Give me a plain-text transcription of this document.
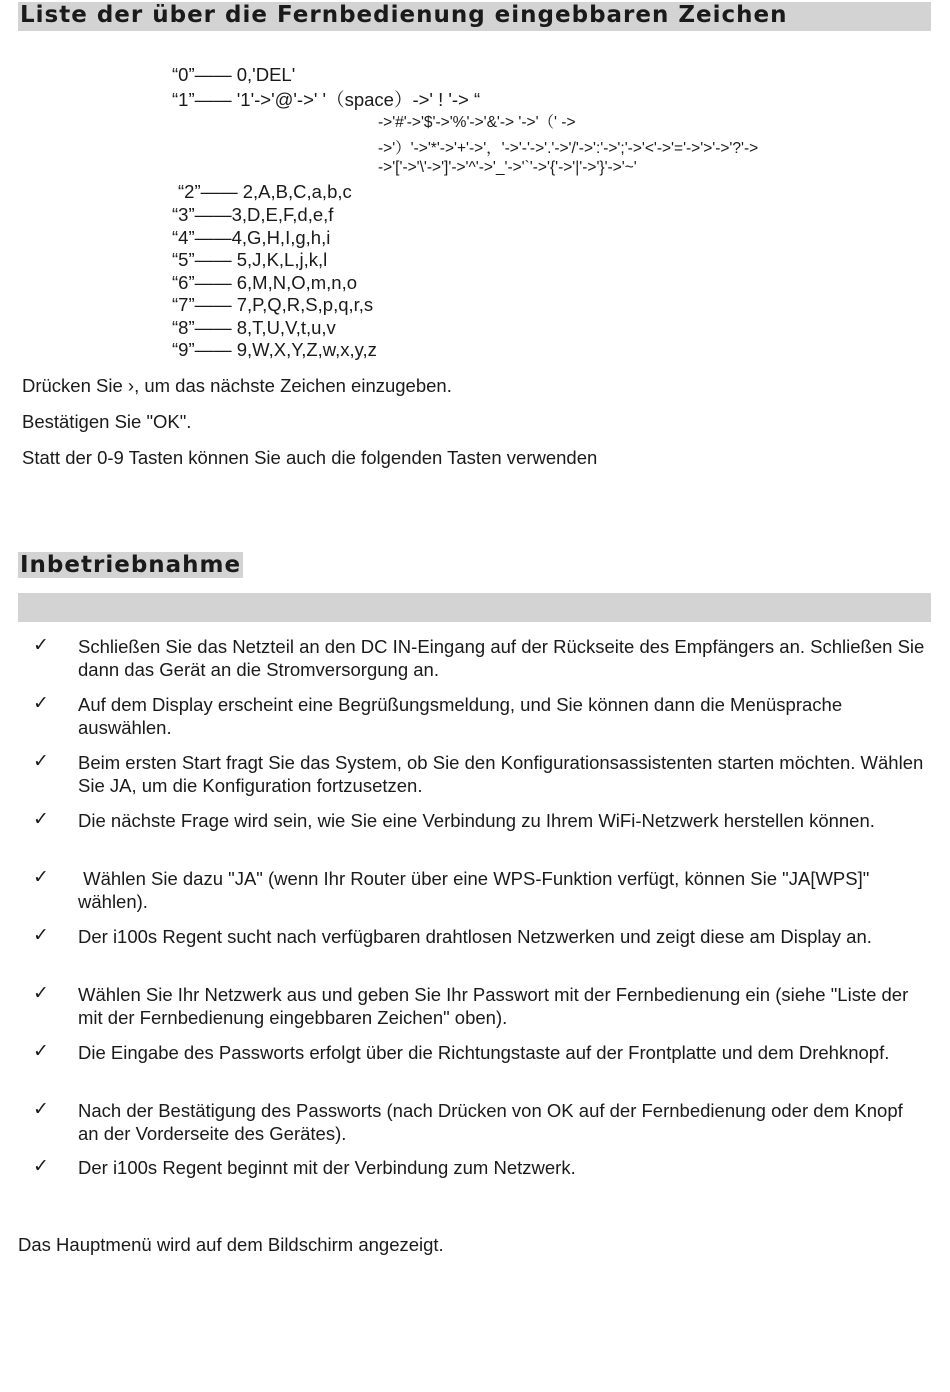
Liste der über die Fernbedienung eingebbaren Zeichen
“0”—— 0,'DEL'
“1”—— '1'->'@'->' '（space）->' ! '-> “
->'#'->'$'->'%'->'&'-> '->'（' ->
->'）'->'*'->'+'->'，'->'-'->'.'->'/'->':'->';'->'<'->'='->'>'->'?'->
->'['->'\'->']'->'^'->'_'->'`'->'{'->'|'->'}'->'~'
“2”—— 2,A,B,C,a,b,c
“3”——3,D,E,F,d,e,f
“4”——4,G,H,I,g,h,i
“5”—— 5,J,K,L,j,k,l
“6”—— 6,M,N,O,m,n,o
“7”—— 7,P,Q,R,S,p,q,r,s
“8”—— 8,T,U,V,t,u,v
“9”—— 9,W,X,Y,Z,w,x,y,z
Drücken Sie ›, um das nächste Zeichen einzugeben.
Bestätigen Sie "OK".
Statt der 0-9 Tasten können Sie auch die folgenden Tasten verwenden
Inbetriebnahme
✓ Schließen Sie das Netzteil an den DC IN-Eingang auf der Rückseite des Empfängers an. Schließen Sie dann das Gerät an die Stromversorgung an.
✓ Auf dem Display erscheint eine Begrüßungsmeldung, und Sie können dann die Menüsprache auswählen.
✓ Beim ersten Start fragt Sie das System, ob Sie den Konfigurationsassistenten starten möchten. Wählen Sie JA, um die Konfiguration fortzusetzen.
✓ Die nächste Frage wird sein, wie Sie eine Verbindung zu Ihrem WiFi-Netzwerk herstellen können.
✓ Wählen Sie dazu "JA" (wenn Ihr Router über eine WPS-Funktion verfügt, können Sie "JA[WPS]" wählen).
✓ Der i100s Regent sucht nach verfügbaren drahtlosen Netzwerken und zeigt diese am Display an.
✓ Wählen Sie Ihr Netzwerk aus und geben Sie Ihr Passwort mit der Fernbedienung ein (siehe "Liste der mit der Fernbedienung eingebbaren Zeichen" oben).
✓ Die Eingabe des Passworts erfolgt über die Richtungstaste auf der Frontplatte und dem Drehknopf.
✓ Nach der Bestätigung des Passworts (nach Drücken von OK auf der Fernbedienung oder dem Knopf an der Vorderseite des Gerätes).
✓ Der i100s Regent beginnt mit der Verbindung zum Netzwerk.
Das Hauptmenü wird auf dem Bildschirm angezeigt.
